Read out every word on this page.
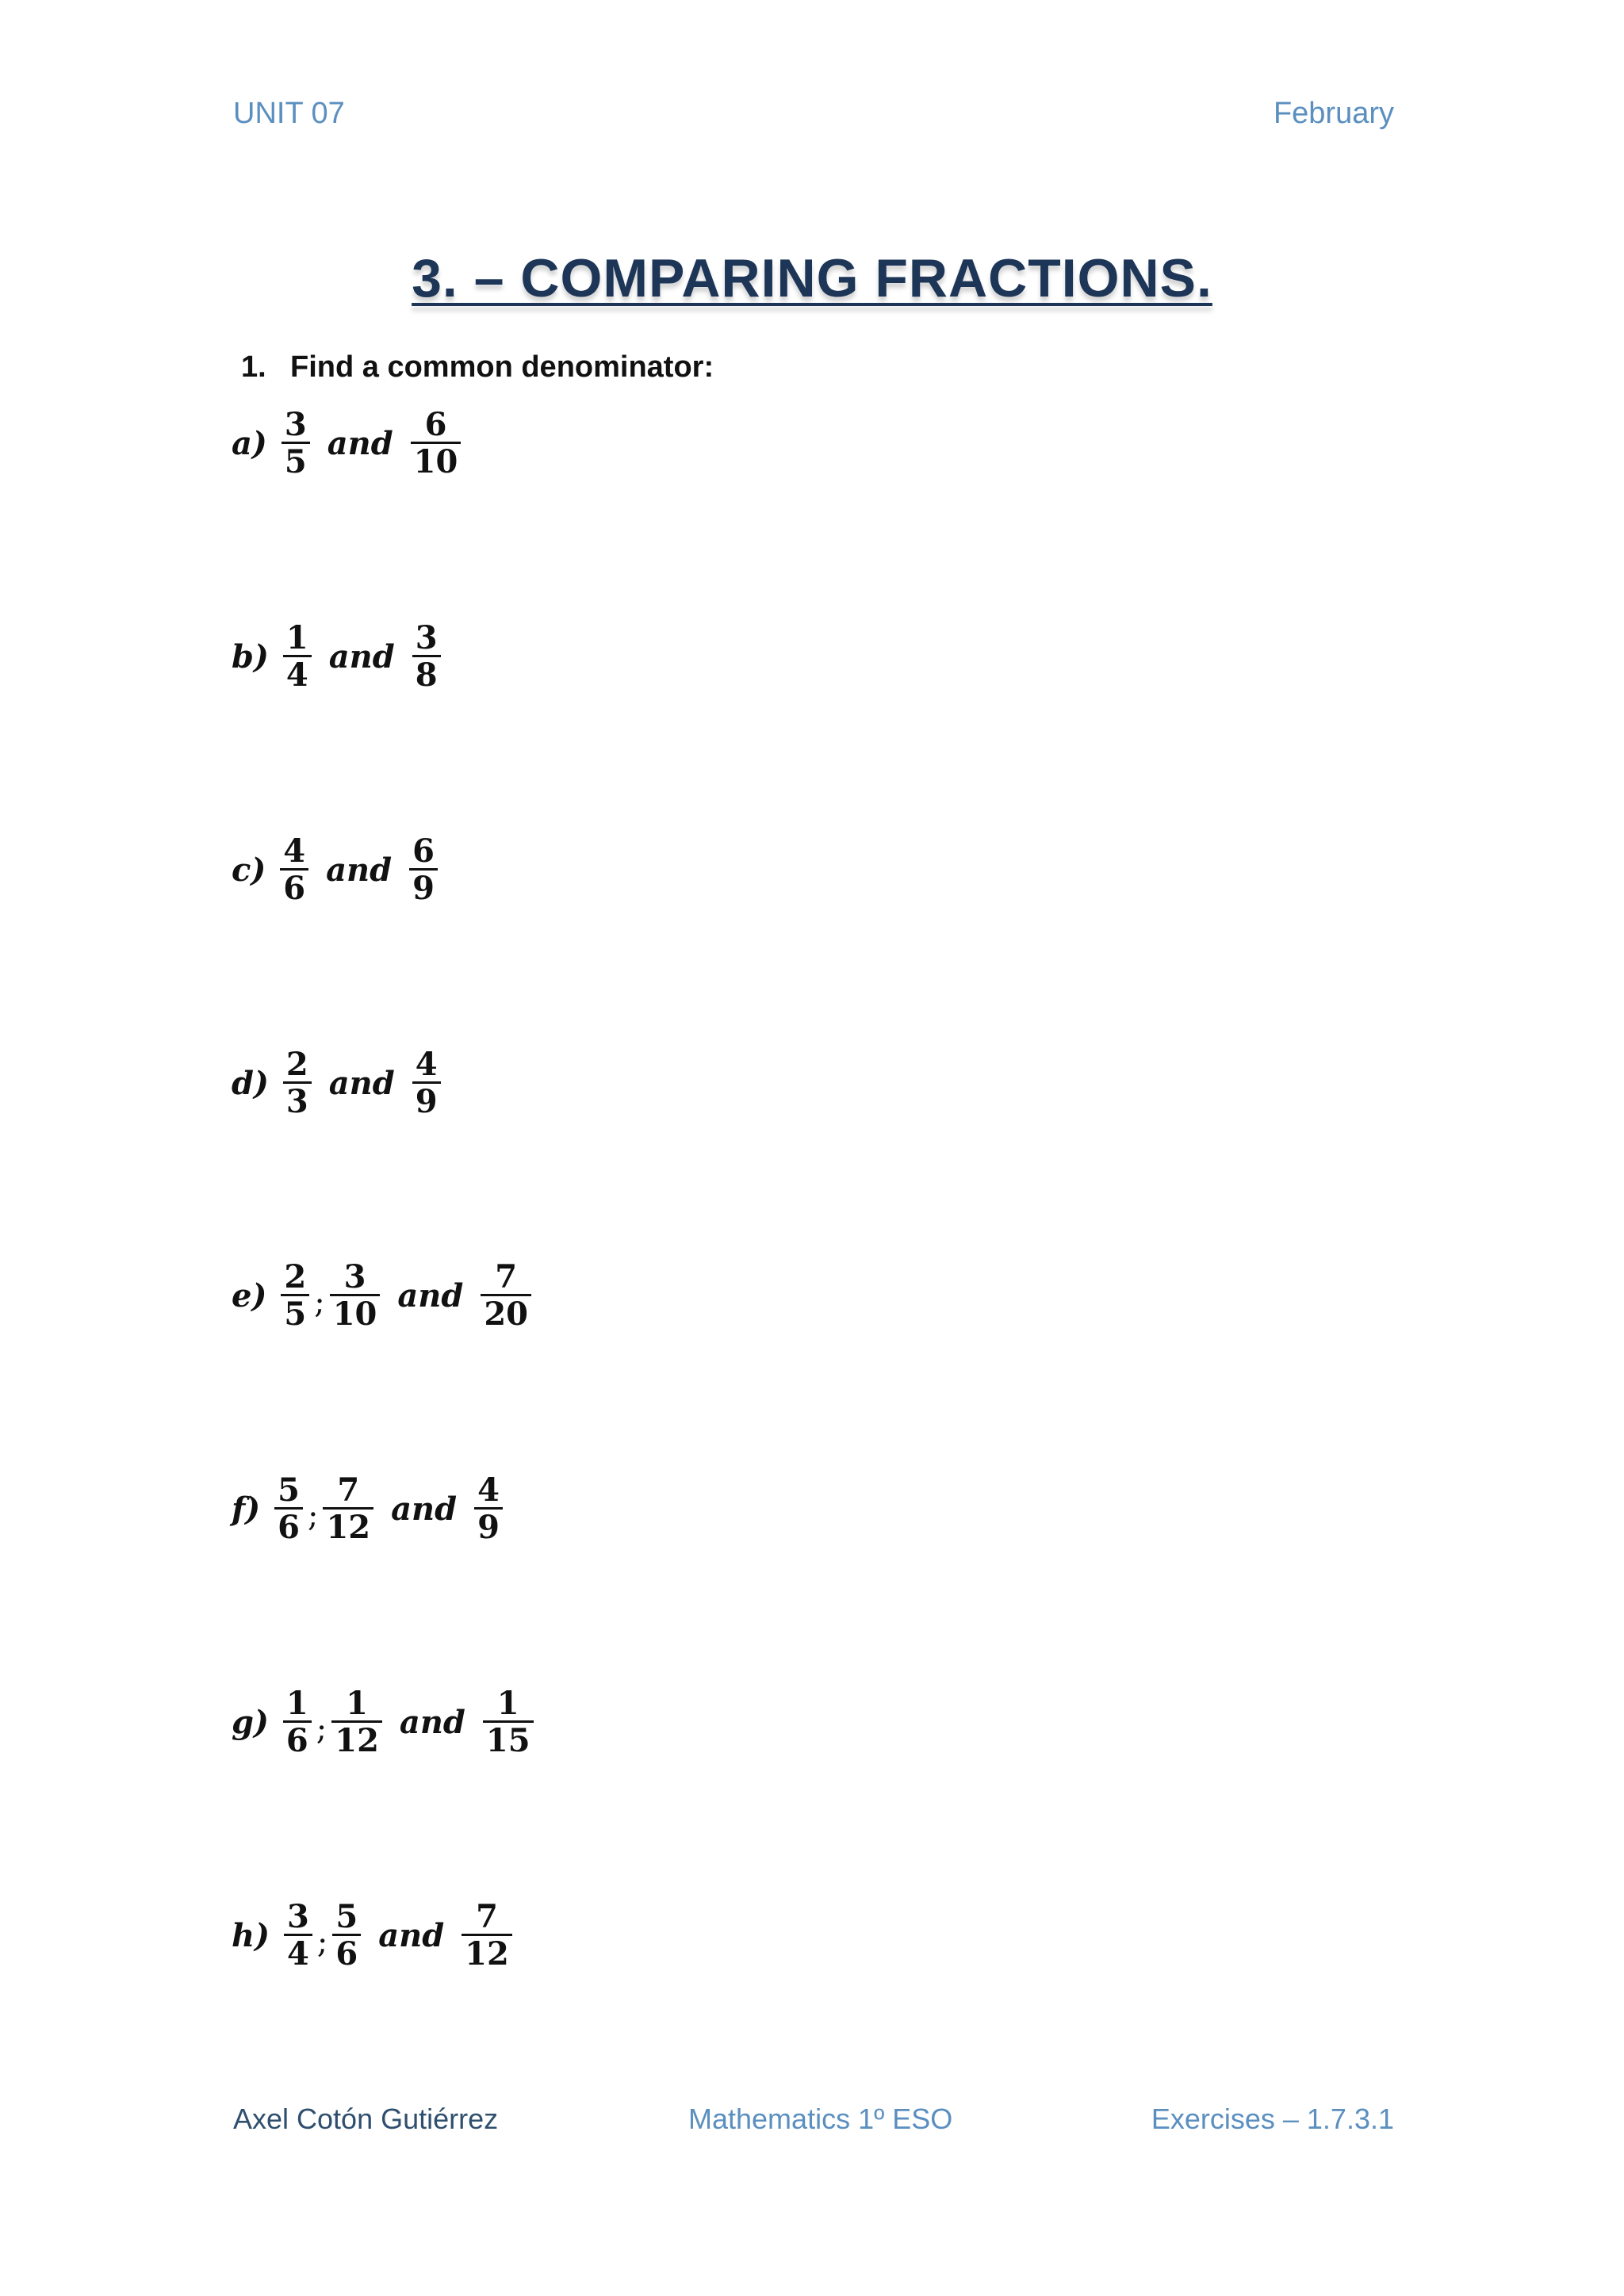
UNIT 07	February
3. – COMPARING FRACTIONS.
1. Find a common denominator:
$a) \frac{3}{5}$ and $\frac{6}{10}$
$b) \frac{1}{4}$ and $\frac{3}{8}$
$c) \frac{4}{6}$ and $\frac{6}{9}$
$d) \frac{2}{3}$ and $\frac{4}{9}$
$e) \frac{2}{5}$ ; $\frac{3}{10}$ and $\frac{7}{20}$
$f) \frac{5}{6}$ ; $\frac{7}{12}$ and $\frac{4}{9}$
$g) \frac{1}{6}$ ; $\frac{1}{12}$ and $\frac{1}{15}$
$h) \frac{3}{4}$ ; $\frac{5}{6}$ and $\frac{7}{12}$
Axel Cotón Gutiérrez	Mathematics 1º ESO	Exercises – 1.7.3.1
